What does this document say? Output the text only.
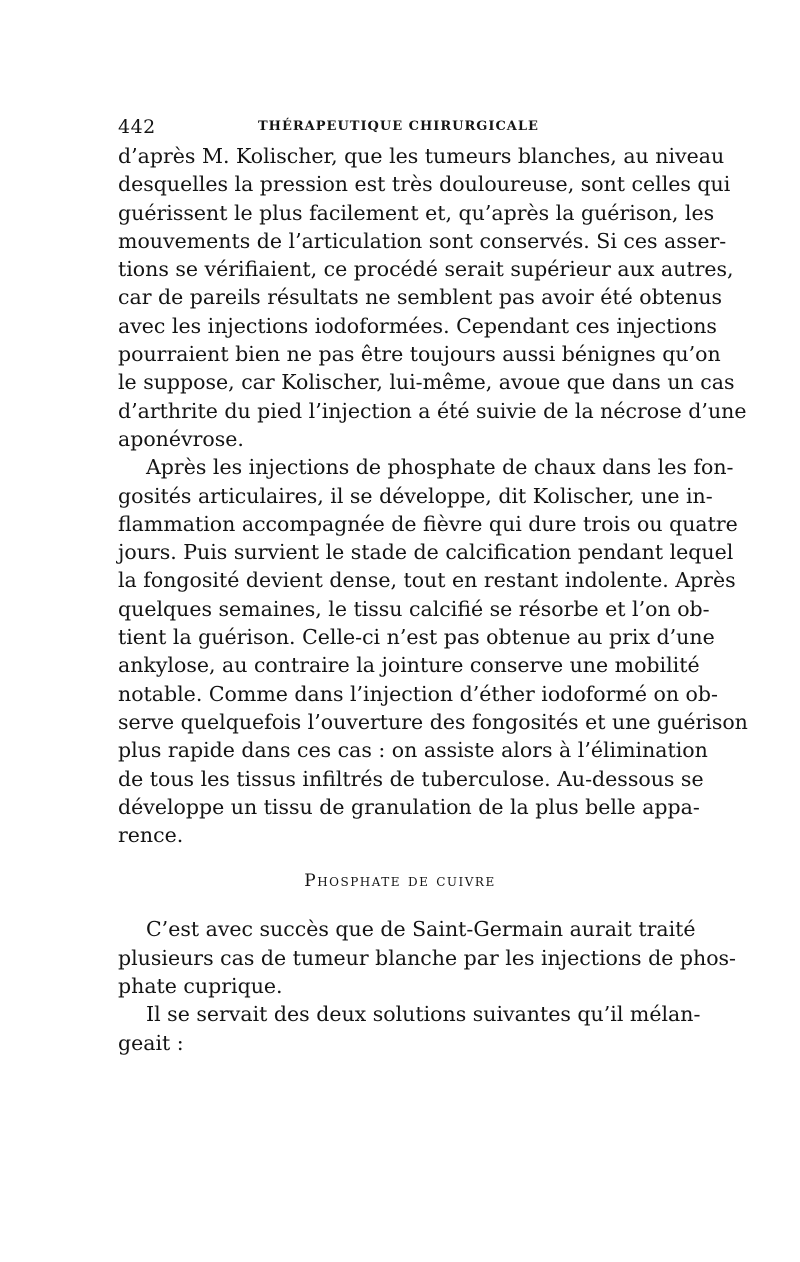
442	THÉRAPEUTIQUE CHIRURGICALE
d’après M. Kolischer, que les tumeurs blanches, au niveau
desquelles la pression est très douloureuse, sont celles qui
guérissent le plus facilement et, qu’après la guérison, les
mouvements de l’articulation sont conservés. Si ces asser-
tions se vérifiaient, ce procédé serait supérieur aux autres,
car de pareils résultats ne semblent pas avoir été obtenus
avec les injections iodoformées. Cependant ces injections
pourraient bien ne pas être toujours aussi bénignes qu’on
le suppose, car Kolischer, lui-même, avoue que dans un cas
d’arthrite du pied l’injection a été suivie de la nécrose d’une
aponévrose.
Après les injections de phosphate de chaux dans les fon-
gosités articulaires, il se développe, dit Kolischer, une in-
flammation accompagnée de fièvre qui dure trois ou quatre
jours. Puis survient le stade de calcification pendant lequel
la fongosité devient dense, tout en restant indolente. Après
quelques semaines, le tissu calcifié se résorbe et l’on ob-
tient la guérison. Celle-ci n’est pas obtenue au prix d’une
ankylose, au contraire la jointure conserve une mobilité
notable. Comme dans l’injection d’éther iodoformé on ob-
serve quelquefois l’ouverture des fongosités et une guérison
plus rapide dans ces cas : on assiste alors à l’élimination
de tous les tissus infiltrés de tuberculose. Au-dessous se
développe un tissu de granulation de la plus belle appa-
rence.
Phosphate de cuivre
C’est avec succès que de Saint-Germain aurait traité
plusieurs cas de tumeur blanche par les injections de phos-
phate cuprique.
Il se servait des deux solutions suivantes qu’il mélan-
geait :
